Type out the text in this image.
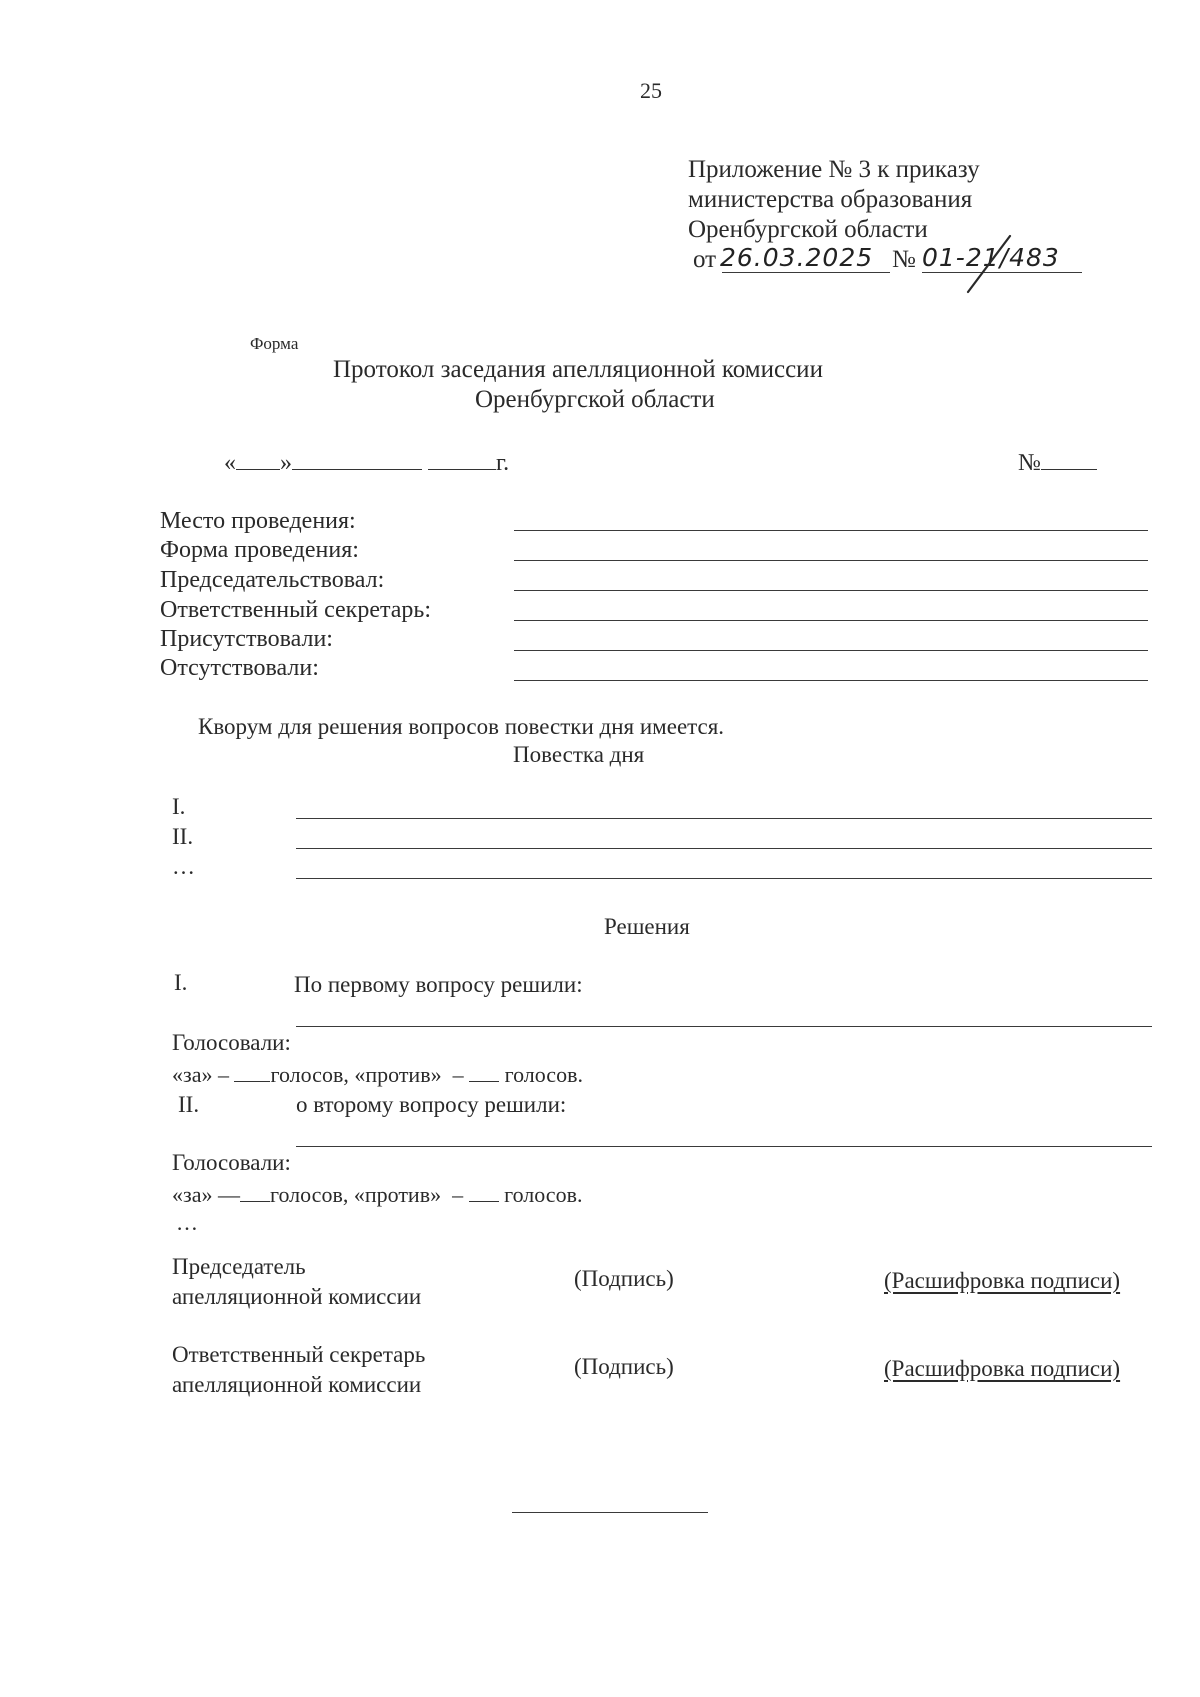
25
Приложение № 3 к приказу
министерства образования
Оренбургской области
от 26.03.2025 № 01-21/483
Форма
Протокол заседания апелляционной комиссии
Оренбургской области
« »	г.	№
Место проведения:
Форма проведения:
Председательствовал:
Ответственный секретарь:
Присутствовали:
Отсутствовали:
Кворум для решения вопросов повестки дня имеется.
Повестка дня
I.
II.
…
Решения
I.	По первому вопросу решили:
Голосовали:
«за» – голосов, «против» – голосов.
II.	о второму вопросу решили:
Голосовали:
«за» — голосов, «против» – голосов.
…
Председатель
апелляционной комиссии
(Подпись)	(Расшифровка подписи)
Ответственный секретарь
апелляционной комиссии
(Подпись)	(Расшифровка подписи)
